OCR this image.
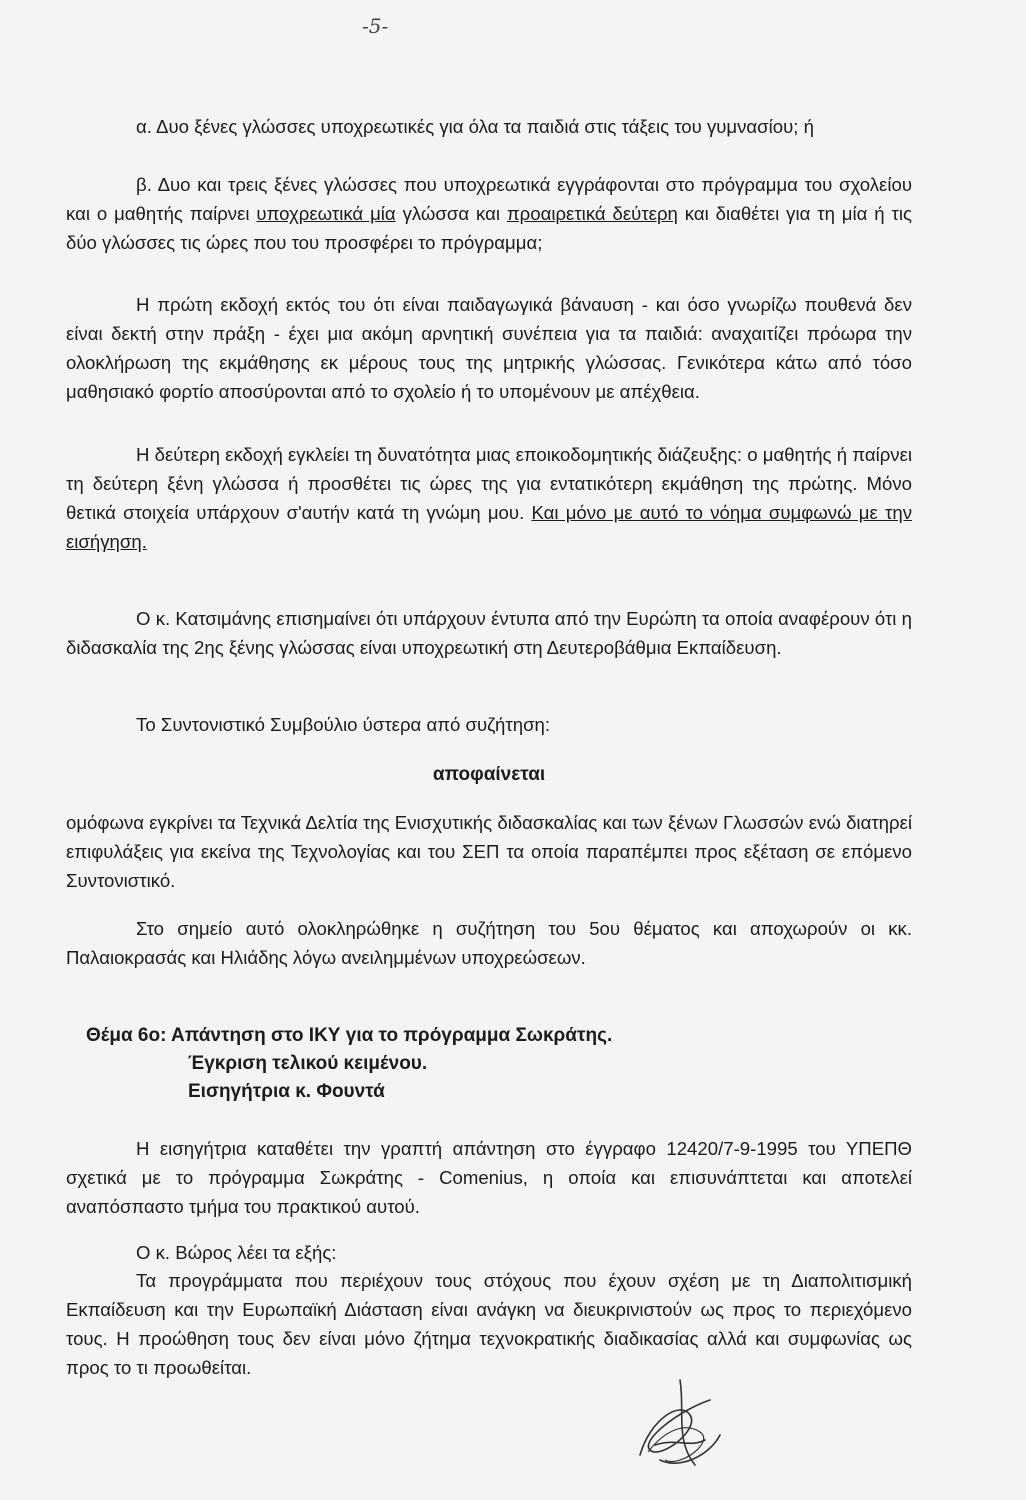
-5-

α. Δυο ξένες γλώσσες υποχρεωτικές για όλα τα παιδιά στις τάξεις του γυμνασίου; ή

β. Δυο και τρεις ξένες γλώσσες που υποχρεωτικά εγγράφονται στο πρόγραμμα του σχολείου και ο μαθητής παίρνει υποχρεωτικά μία γλώσσα και προαιρετικά δεύτερη και διαθέτει για τη μία ή τις δύο γλώσσες τις ώρες που του προσφέρει το πρόγραμμα;

Η πρώτη εκδοχή εκτός του ότι είναι παιδαγωγικά βάναυση - και όσο γνωρίζω πουθενά δεν είναι δεκτή στην πράξη - έχει μια ακόμη αρνητική συνέπεια για τα παιδιά: αναχαιτίζει πρόωρα την ολοκλήρωση της εκμάθησης εκ μέρους τους της μητρικής γλώσσας. Γενικότερα κάτω από τόσο μαθησιακό φορτίο αποσύρονται από το σχολείο ή το υπομένουν με απέχθεια.

Η δεύτερη εκδοχή εγκλείει τη δυνατότητα μιας εποικοδομητικής διάζευξης: ο μαθητής ή παίρνει τη δεύτερη ξένη γλώσσα ή προσθέτει τις ώρες της για εντατικότερη εκμάθηση της πρώτης. Μόνο θετικά στοιχεία υπάρχουν σ'αυτήν κατά τη γνώμη μου. Και μόνο με αυτό το νόημα συμφωνώ με την εισήγηση.

Ο κ. Κατσιμάνης επισημαίνει ότι υπάρχουν έντυπα από την Ευρώπη τα οποία αναφέρουν ότι η διδασκαλία της 2ης ξένης γλώσσας είναι υποχρεωτική στη Δευτεροβάθμια Εκπαίδευση.

Το Συντονιστικό Συμβούλιο ύστερα από συζήτηση:

αποφαίνεται

ομόφωνα εγκρίνει τα Τεχνικά Δελτία της Ενισχυτικής διδασκαλίας και των ξένων Γλωσσών ενώ διατηρεί επιφυλάξεις για εκείνα της Τεχνολογίας και του ΣΕΠ τα οποία παραπέμπει προς εξέταση σε επόμενο Συντονιστικό.

Στο σημείο αυτό ολοκληρώθηκε η συζήτηση του 5ου θέματος και αποχωρούν οι κκ. Παλαιοκρασάς και Ηλιάδης λόγω ανειλημμένων υποχρεώσεων.

Θέμα 6ο: Απάντηση στο ΙΚΥ για το πρόγραμμα Σωκράτης.
Έγκριση τελικού κειμένου.
Εισηγήτρια κ. Φουντά

Η εισηγήτρια καταθέτει την γραπτή απάντηση στο έγγραφο 12420/7-9-1995 του ΥΠΕΠΘ σχετικά με το πρόγραμμα Σωκράτης - Comenius, η οποία και επισυνάπτεται και αποτελεί αναπόσπαστο τμήμα του πρακτικού αυτού.

Ο κ. Βώρος λέει τα εξής:

Τα προγράμματα που περιέχουν τους στόχους που έχουν σχέση με τη Διαπολιτισμική Εκπαίδευση και την Ευρωπαϊκή Διάσταση είναι ανάγκη να διευκρινιστούν ως προς το περιεχόμενο τους. Η προώθηση τους δεν είναι μόνο ζήτημα τεχνοκρατικής διαδικασίας αλλά και συμφωνίας ως προς το τι προωθείται.
